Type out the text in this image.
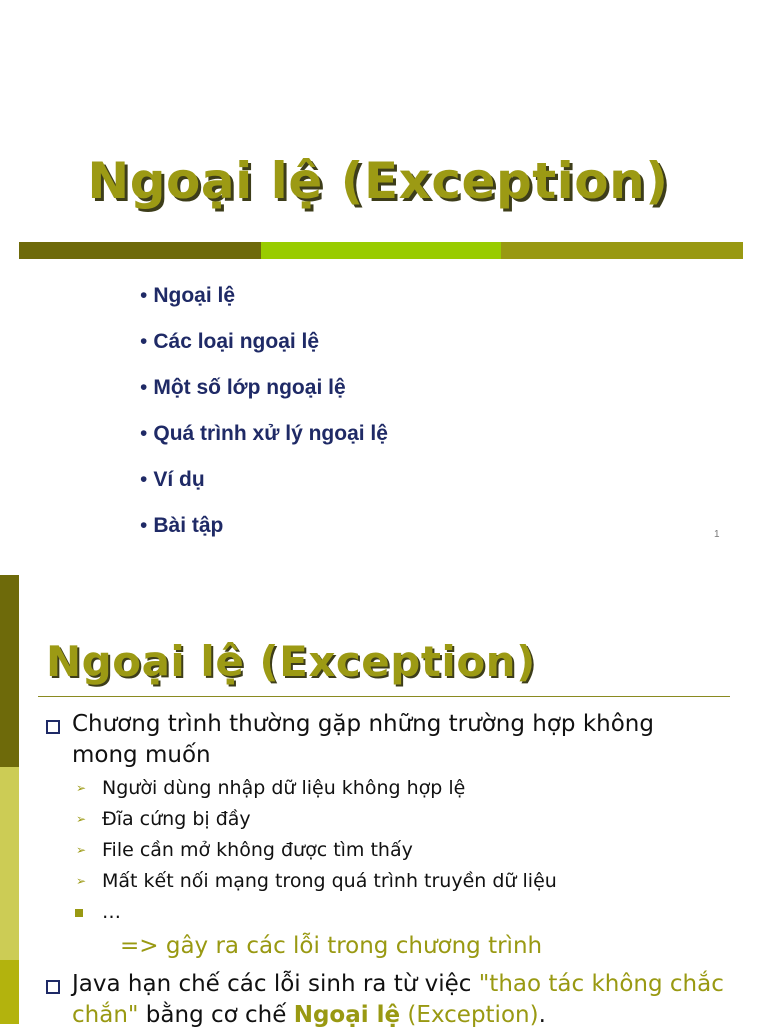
Ngoại lệ (Exception)
• Ngoại lệ
• Các loại ngoại lệ
• Một số lớp ngoại lệ
• Quá trình xử lý ngoại lệ
• Ví dụ
• Bài tập	1
Ngoại lệ (Exception)
Chương trình thường gặp những trường hợp không
mong muốn
➢ Người dùng nhập dữ liệu không hợp lệ
➢ Đĩa cứng bị đầy
➢ File cần mở không được tìm thấy
➢ Mất kết nối mạng trong quá trình truyền dữ liệu
…
=> gây ra các lỗi trong chương trình
Java hạn chế các lỗi sinh ra từ việc "thao tác không chắc
chắn" bằng cơ chế Ngoại lệ (Exception).
